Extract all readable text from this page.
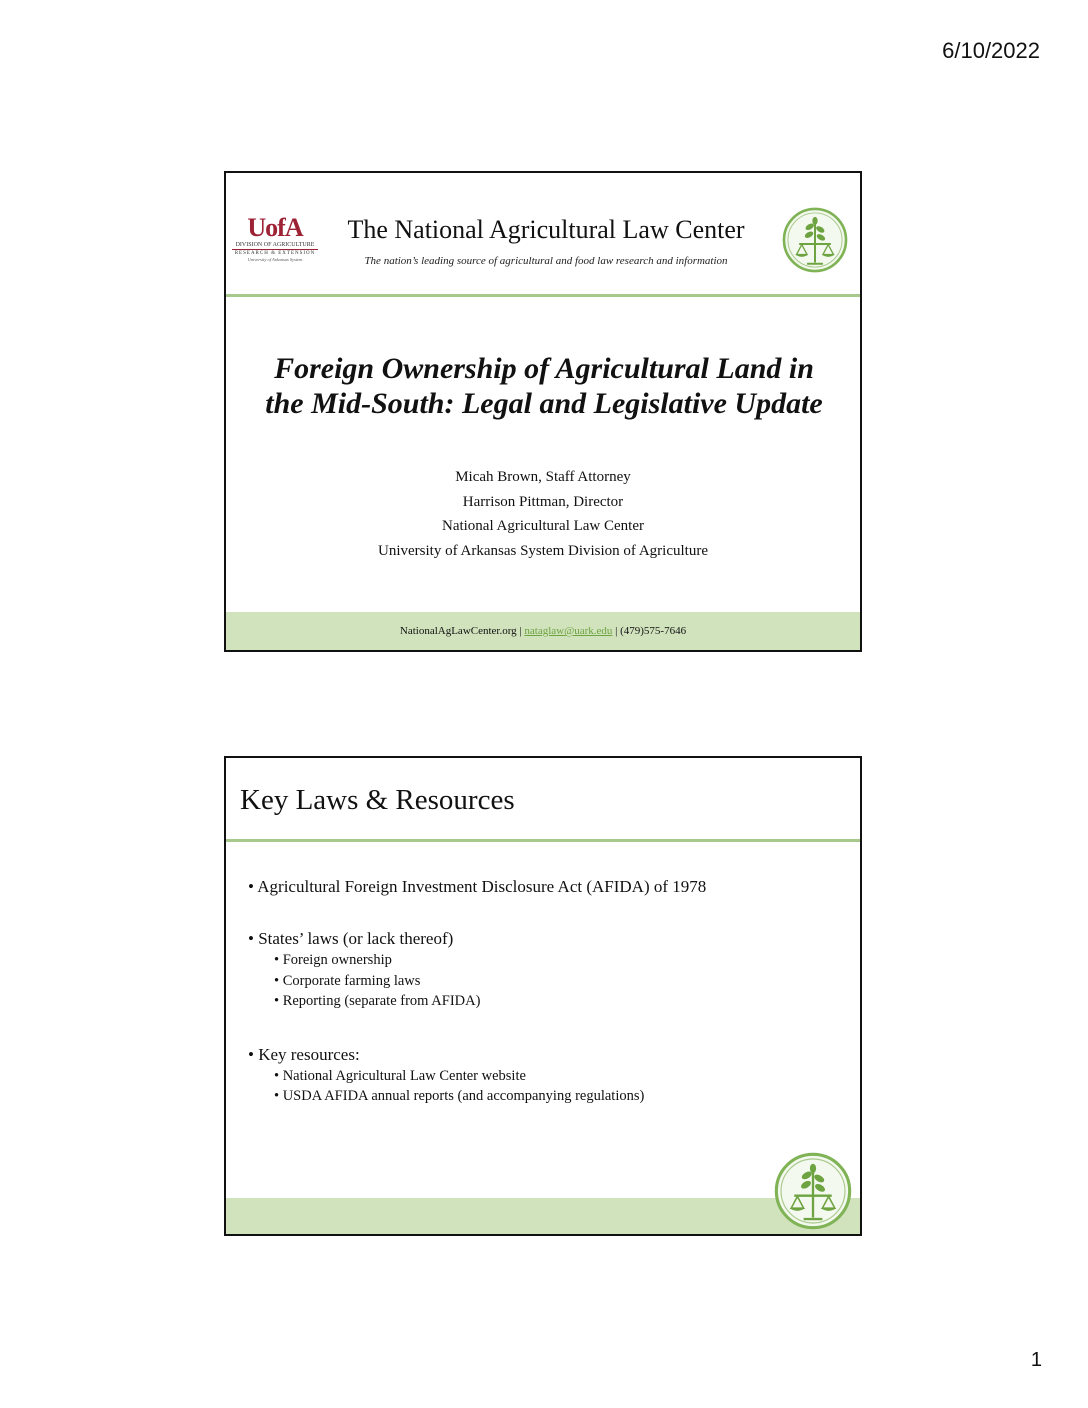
6/10/2022
UofA
DIVISION OF AGRICULTURE
RESEARCH & EXTENSION
University of Arkansas System
The National Agricultural Law Center
The nation’s leading source of agricultural and food law research and information
Foreign Ownership of Agricultural Land in
the Mid-South: Legal and Legislative Update
Micah Brown, Staff Attorney
Harrison Pittman, Director
National Agricultural Law Center
University of Arkansas System Division of Agriculture
NationalAgLawCenter.org | nataglaw@uark.edu | (479)575-7646
Key Laws & Resources
• Agricultural Foreign Investment Disclosure Act (AFIDA) of 1978
• States’ laws (or lack thereof)
• Foreign ownership
• Corporate farming laws
• Reporting (separate from AFIDA)
• Key resources:
• National Agricultural Law Center website
• USDA AFIDA annual reports (and accompanying regulations)
1
